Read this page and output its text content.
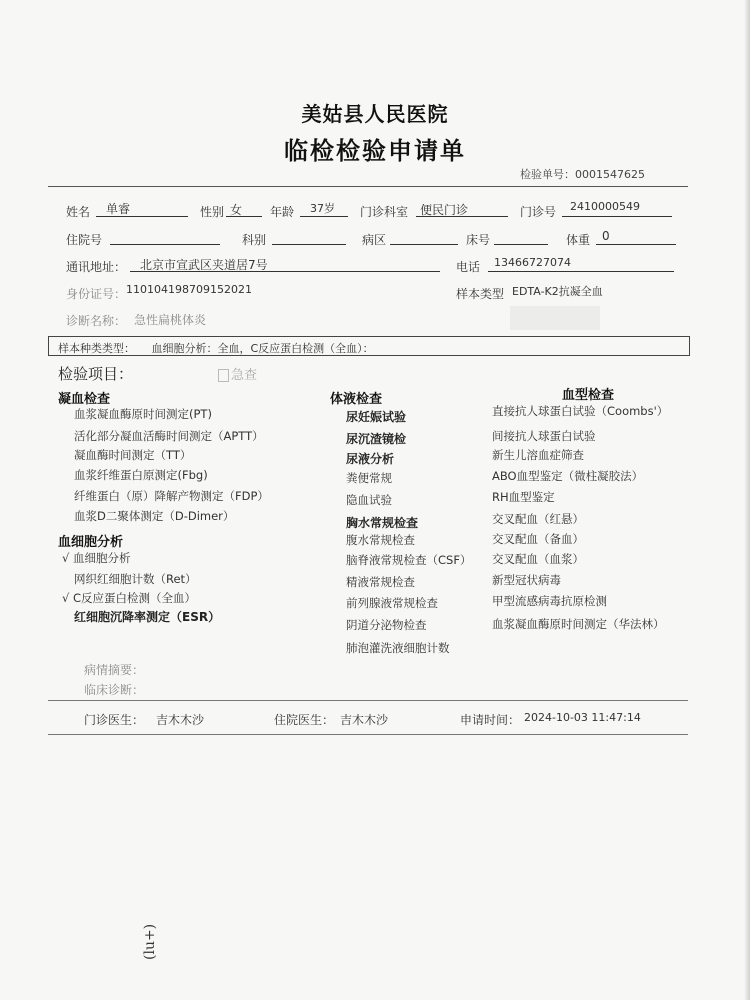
美姑县人民医院
临检检验申请单
检验单号：0001547625
姓名 单睿	性别 女 年龄 37岁 门诊科室 便民门诊	门诊号 2410000549
住院号	科别	病区	床号	体重 0
通讯地址： 北京市宣武区夹道居7号	电话 13466727074
身份证号： 110104198709152021	样本类型 EDTA-K2抗凝全血
诊断名称： 急性扁桃体炎
样本种类类型：　　血细胞分析：全血，C反应蛋白检测（全血）：
检验项目：	急查
凝血检查
血浆凝血酶原时间测定(PT)
活化部分凝血活酶时间测定（APTT）
凝血酶时间测定（TT）
血浆纤维蛋白原测定(Fbg)
纤维蛋白（原）降解产物测定（FDP）
血浆D二聚体测定（D-Dimer）
血细胞分析
√ 血细胞分析
网织红细胞计数（Ret）
√ C反应蛋白检测（全血）
红细胞沉降率测定（ESR）
体液检查
尿妊娠试验
尿沉渣镜检
尿液分析
粪便常规
隐血试验
胸水常规检查
腹水常规检查
脑脊液常规检查（CSF）
精液常规检查
前列腺液常规检查
阴道分泌物检查
肺泡灌洗液细胞计数
血型检查
直接抗人球蛋白试验（Coombs'）
间接抗人球蛋白试验
新生儿溶血症筛查
ABO血型鉴定（微柱凝胶法）
RH血型鉴定
交叉配血（红悬）
交叉配血（备血）
交叉配血（血浆）
新型冠状病毒
甲型流感病毒抗原检测
血浆凝血酶原时间测定（华法林）
病情摘要：
临床诊断：
门诊医生： 吉木木沙	住院医生： 吉木木沙	申请时间： 2024-10-03 11:47:14
(lu+)
